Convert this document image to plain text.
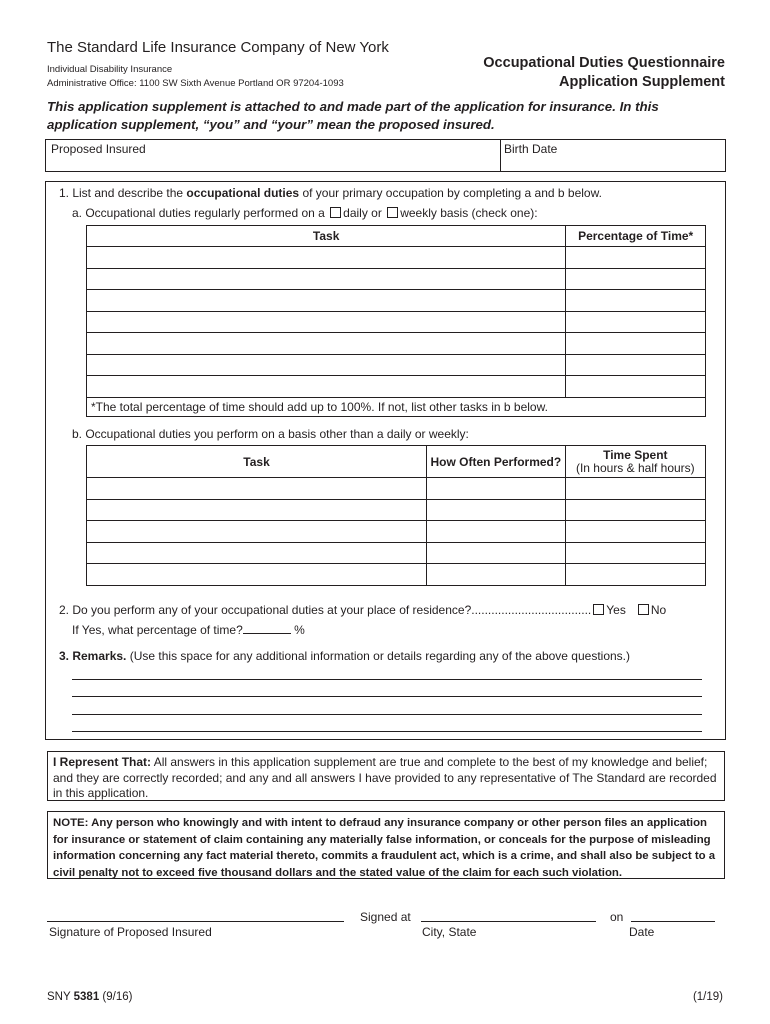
The Standard Life Insurance Company of New York
Individual Disability Insurance
Administrative Office: 1100 SW Sixth Avenue Portland OR 97204-1093
Occupational Duties Questionnaire
Application Supplement
This application supplement is attached to and made part of the application for insurance. In this application supplement, “you” and “your” mean the proposed insured.
Proposed Insured	Birth Date
1. List and describe the occupational duties of your primary occupation by completing a and b below.
a. Occupational duties regularly performed on a daily or weekly basis (check one):
Task	Percentage of Time*

*The total percentage of time should add up to 100%. If not, list other tasks in b below.	
b. Occupational duties you perform on a basis other than a daily or weekly:
Task	How Often Performed?	Time Spent
(In hours & half hours)

2. Do you perform any of your occupational duties at your place of residence?.................................... Yes No
If Yes, what percentage of time?	%
3. Remarks. (Use this space for any additional information or details regarding any of the above questions.)
I Represent That: All answers in this application supplement are true and complete to the best of my knowledge and belief; and they are correctly recorded; and any and all answers I have provided to any representative of The Standard are recorded in this application.
NOTE: Any person who knowingly and with intent to defraud any insurance company or other person files an application for insurance or statement of claim containing any materially false information, or conceals for the purpose of misleading information concerning any fact material thereto, commits a fraudulent act, which is a crime, and shall also be subject to a civil penalty not to exceed five thousand dollars and the stated value of the claim for each such violation.
Signature of Proposed Insured
Signed at
City, State
on
Date
SNY 5381 (9/16)	(1/19)
